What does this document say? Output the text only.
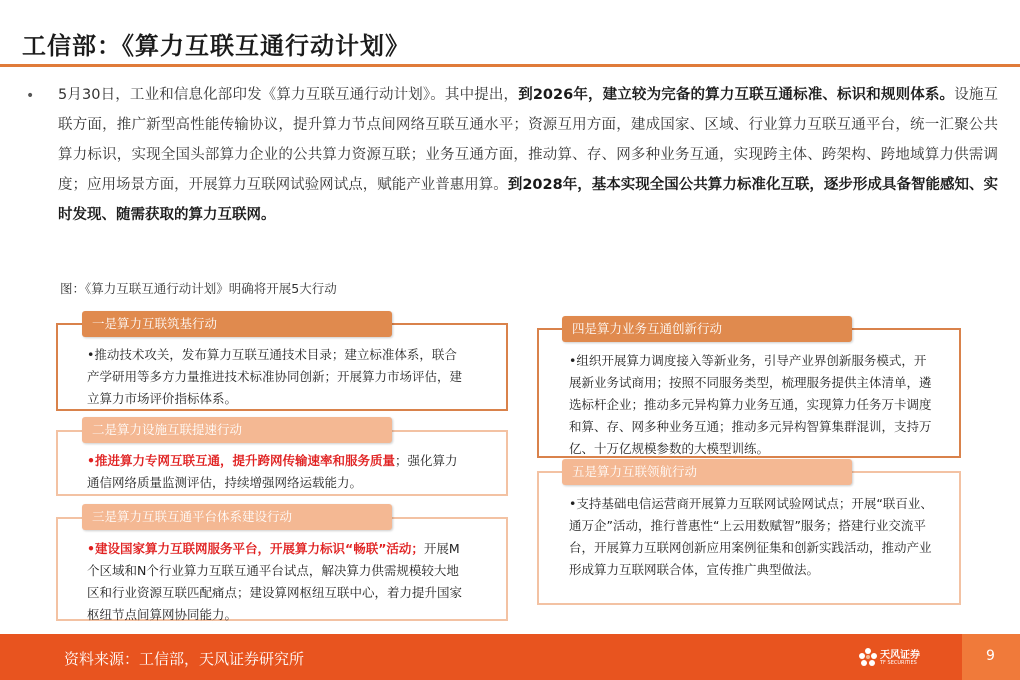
工信部：《算力互联互通行动计划》
• 5月30日，工业和信息化部印发《算力互联互通行动计划》。其中提出，到2026年，建立较为完备的算力互联互通标准、标识和规则体系。设施互联方面，推广新型高性能传输协议，提升算力节点间网络互联互通水平；资源互用方面，建成国家、区域、行业算力互联互通平台，统一汇聚公共算力标识，实现全国头部算力企业的公共算力资源互联；业务互通方面，推动算、存、网多种业务互通，实现跨主体、跨架构、跨地域算力供需调度；应用场景方面，开展算力互联网试验网试点，赋能产业普惠用算。到2028年，基本实现全国公共算力标准化互联，逐步形成具备智能感知、实时发现、随需获取的算力互联网。
图：《算力互联互通行动计划》明确将开展5大行动
一是算力互联筑基行动
•推动技术攻关，发布算力互联互通技术目录；建立标准体系，联合产学研用等多方力量推进技术标准协同创新；开展算力市场评估，建立算力市场评价指标体系。
二是算力设施互联提速行动
•推进算力专网互联互通，提升跨网传输速率和服务质量；强化算力通信网络质量监测评估，持续增强网络运载能力。
三是算力互联互通平台体系建设行动
•建设国家算力互联网服务平台，开展算力标识“畅联”活动；开展M个区域和N个行业算力互联互通平台试点，解决算力供需规模较大地区和行业资源互联匹配痛点；建设算网枢纽互联中心，着力提升国家枢纽节点间算网协同能力。
四是算力业务互通创新行动
•组织开展算力调度接入等新业务，引导产业界创新服务模式，开展新业务试商用；按照不同服务类型，梳理服务提供主体清单，遴选标杆企业；推动多元异构算力业务互通，实现算力任务万卡调度和算、存、网多种业务互通；推动多元异构智算集群混训，支持万亿、十万亿规模参数的大模型训练。
五是算力互联领航行动
•支持基础电信运营商开展算力互联网试验网试点；开展“联百业、通万企”活动，推行普惠性“上云用数赋智”服务；搭建行业交流平台，开展算力互联网创新应用案例征集和创新实践活动，推动产业形成算力互联网联合体，宣传推广典型做法。
资料来源：工信部，天风证券研究所	天风证券
TF SECURITIES	9
